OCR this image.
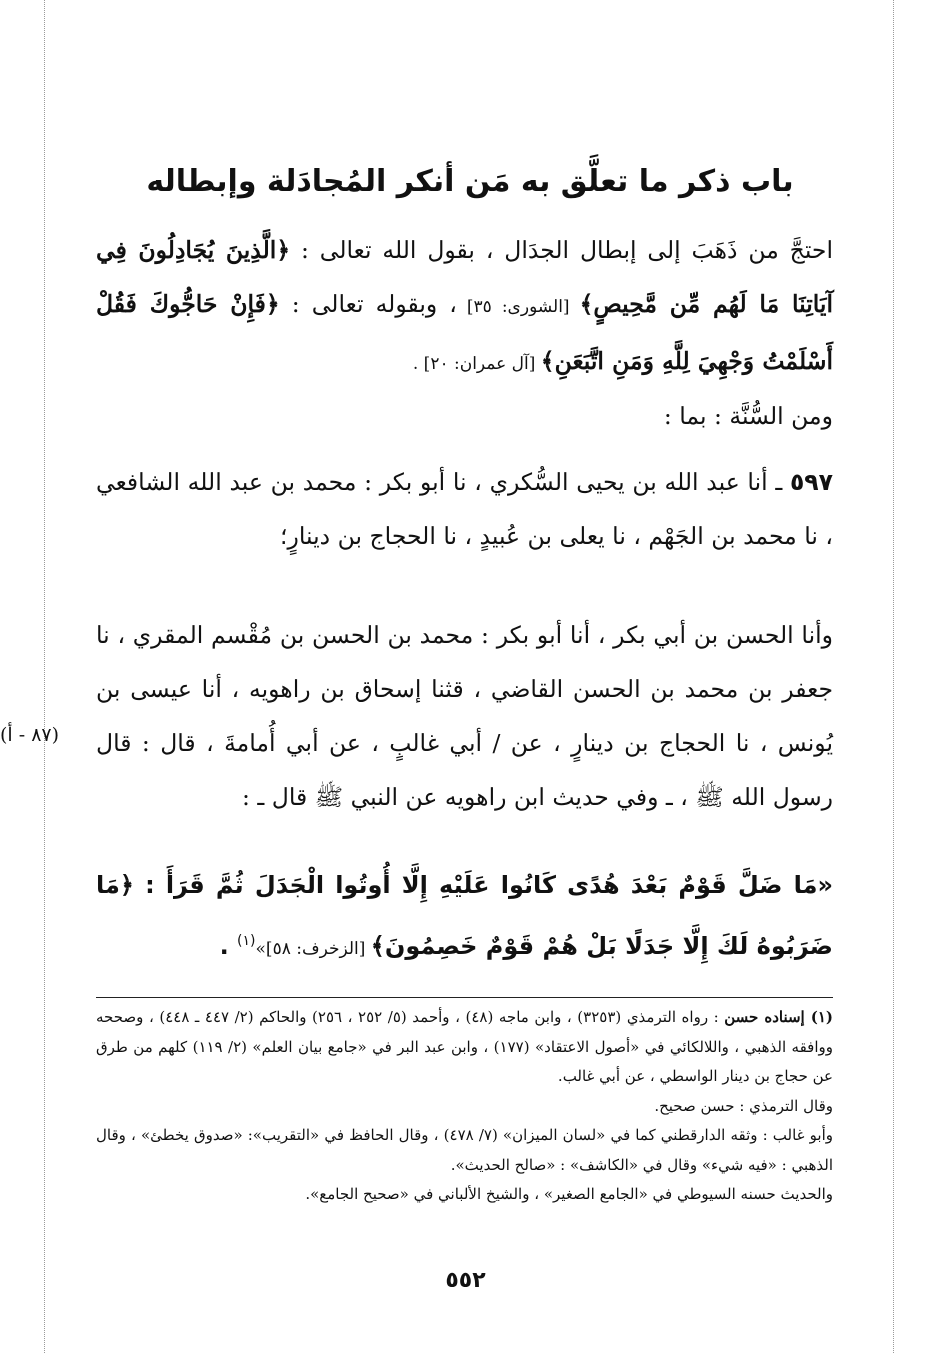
باب ذكر ما تعلَّق به مَن أنكر المُجادَلة وإبطاله
احتجَّ من ذَهَبَ إلى إبطال الجدَال ، بقول الله تعالى : ﴿الَّذِينَ يُجَادِلُونَ فِي آيَاتِنَا مَا لَهُم مِّن مَّحِيصٍ﴾ [الشورى: ٣٥] ، وبقوله تعالى : ﴿فَإِنْ حَاجُّوكَ فَقُلْ أَسْلَمْتُ وَجْهِيَ لِلَّهِ وَمَنِ اتَّبَعَنِ﴾ [آل عمران: ٢٠] .
ومن السُّنَّة : بما :
٥٩٧ ـ أنا عبد الله بن يحيى السُّكري ، نا أبو بكر : محمد بن عبد الله الشافعي ، نا محمد بن الجَهْم ، نا يعلى بن عُبيدٍ ، نا الحجاج بن دينارٍ؛
وأنا الحسن بن أبي بكر ، أنا أبو بكر : محمد بن الحسن بن مُقْسم المقري ، نا جعفر بن محمد بن الحسن القاضي ، قثنا إسحاق بن راهويه ، أنا عيسى بن يُونس ، نا الحجاج بن دينارٍ ، عن / أبي غالبٍ ، عن أبي أُمامةَ ، قال : قال رسول الله ﷺ ، ـ وفي حديث ابن راهويه عن النبي ﷺ قال ـ :
(٨٧ - أ)
«مَا ضَلَّ قَوْمٌ بَعْدَ هُدًى كَانُوا عَلَيْهِ إِلَّا أُوتُوا الْجَدَلَ ثُمَّ قَرَأَ : ﴿مَا ضَرَبُوهُ لَكَ إِلَّا جَدَلًا بَلْ هُمْ قَوْمٌ خَصِمُونَ﴾ [الزخرف: ٥٨]»$^{(١)}$ .
(١) إسناده حسن : رواه الترمذي (٣٢٥٣) ، وابن ماجه (٤٨) ، وأحمد (٥/ ٢٥٢ ، ٢٥٦) والحاكم (٢/ ٤٤٧ ـ ٤٤٨) ، وصححه ووافقه الذهبي ، واللالكائي في «أصول الاعتقاد» (١٧٧) ، وابن عبد البر في «جامع بيان العلم» (٢/ ١١٩) كلهم من طرق عن حجاج بن دينار الواسطي ، عن أبي غالب.
وقال الترمذي : حسن صحيح.
وأبو غالب : وثقه الدارقطني كما في «لسان الميزان» (٧/ ٤٧٨) ، وقال الحافظ في «التقريب»: «صدوق يخطئ» ، وقال الذهبي : «فيه شيء» وقال في «الكاشف» : «صالح الحديث».
والحديث حسنه السيوطي في «الجامع الصغير» ، والشيخ الألباني في «صحيح الجامع».
٥٥٢
